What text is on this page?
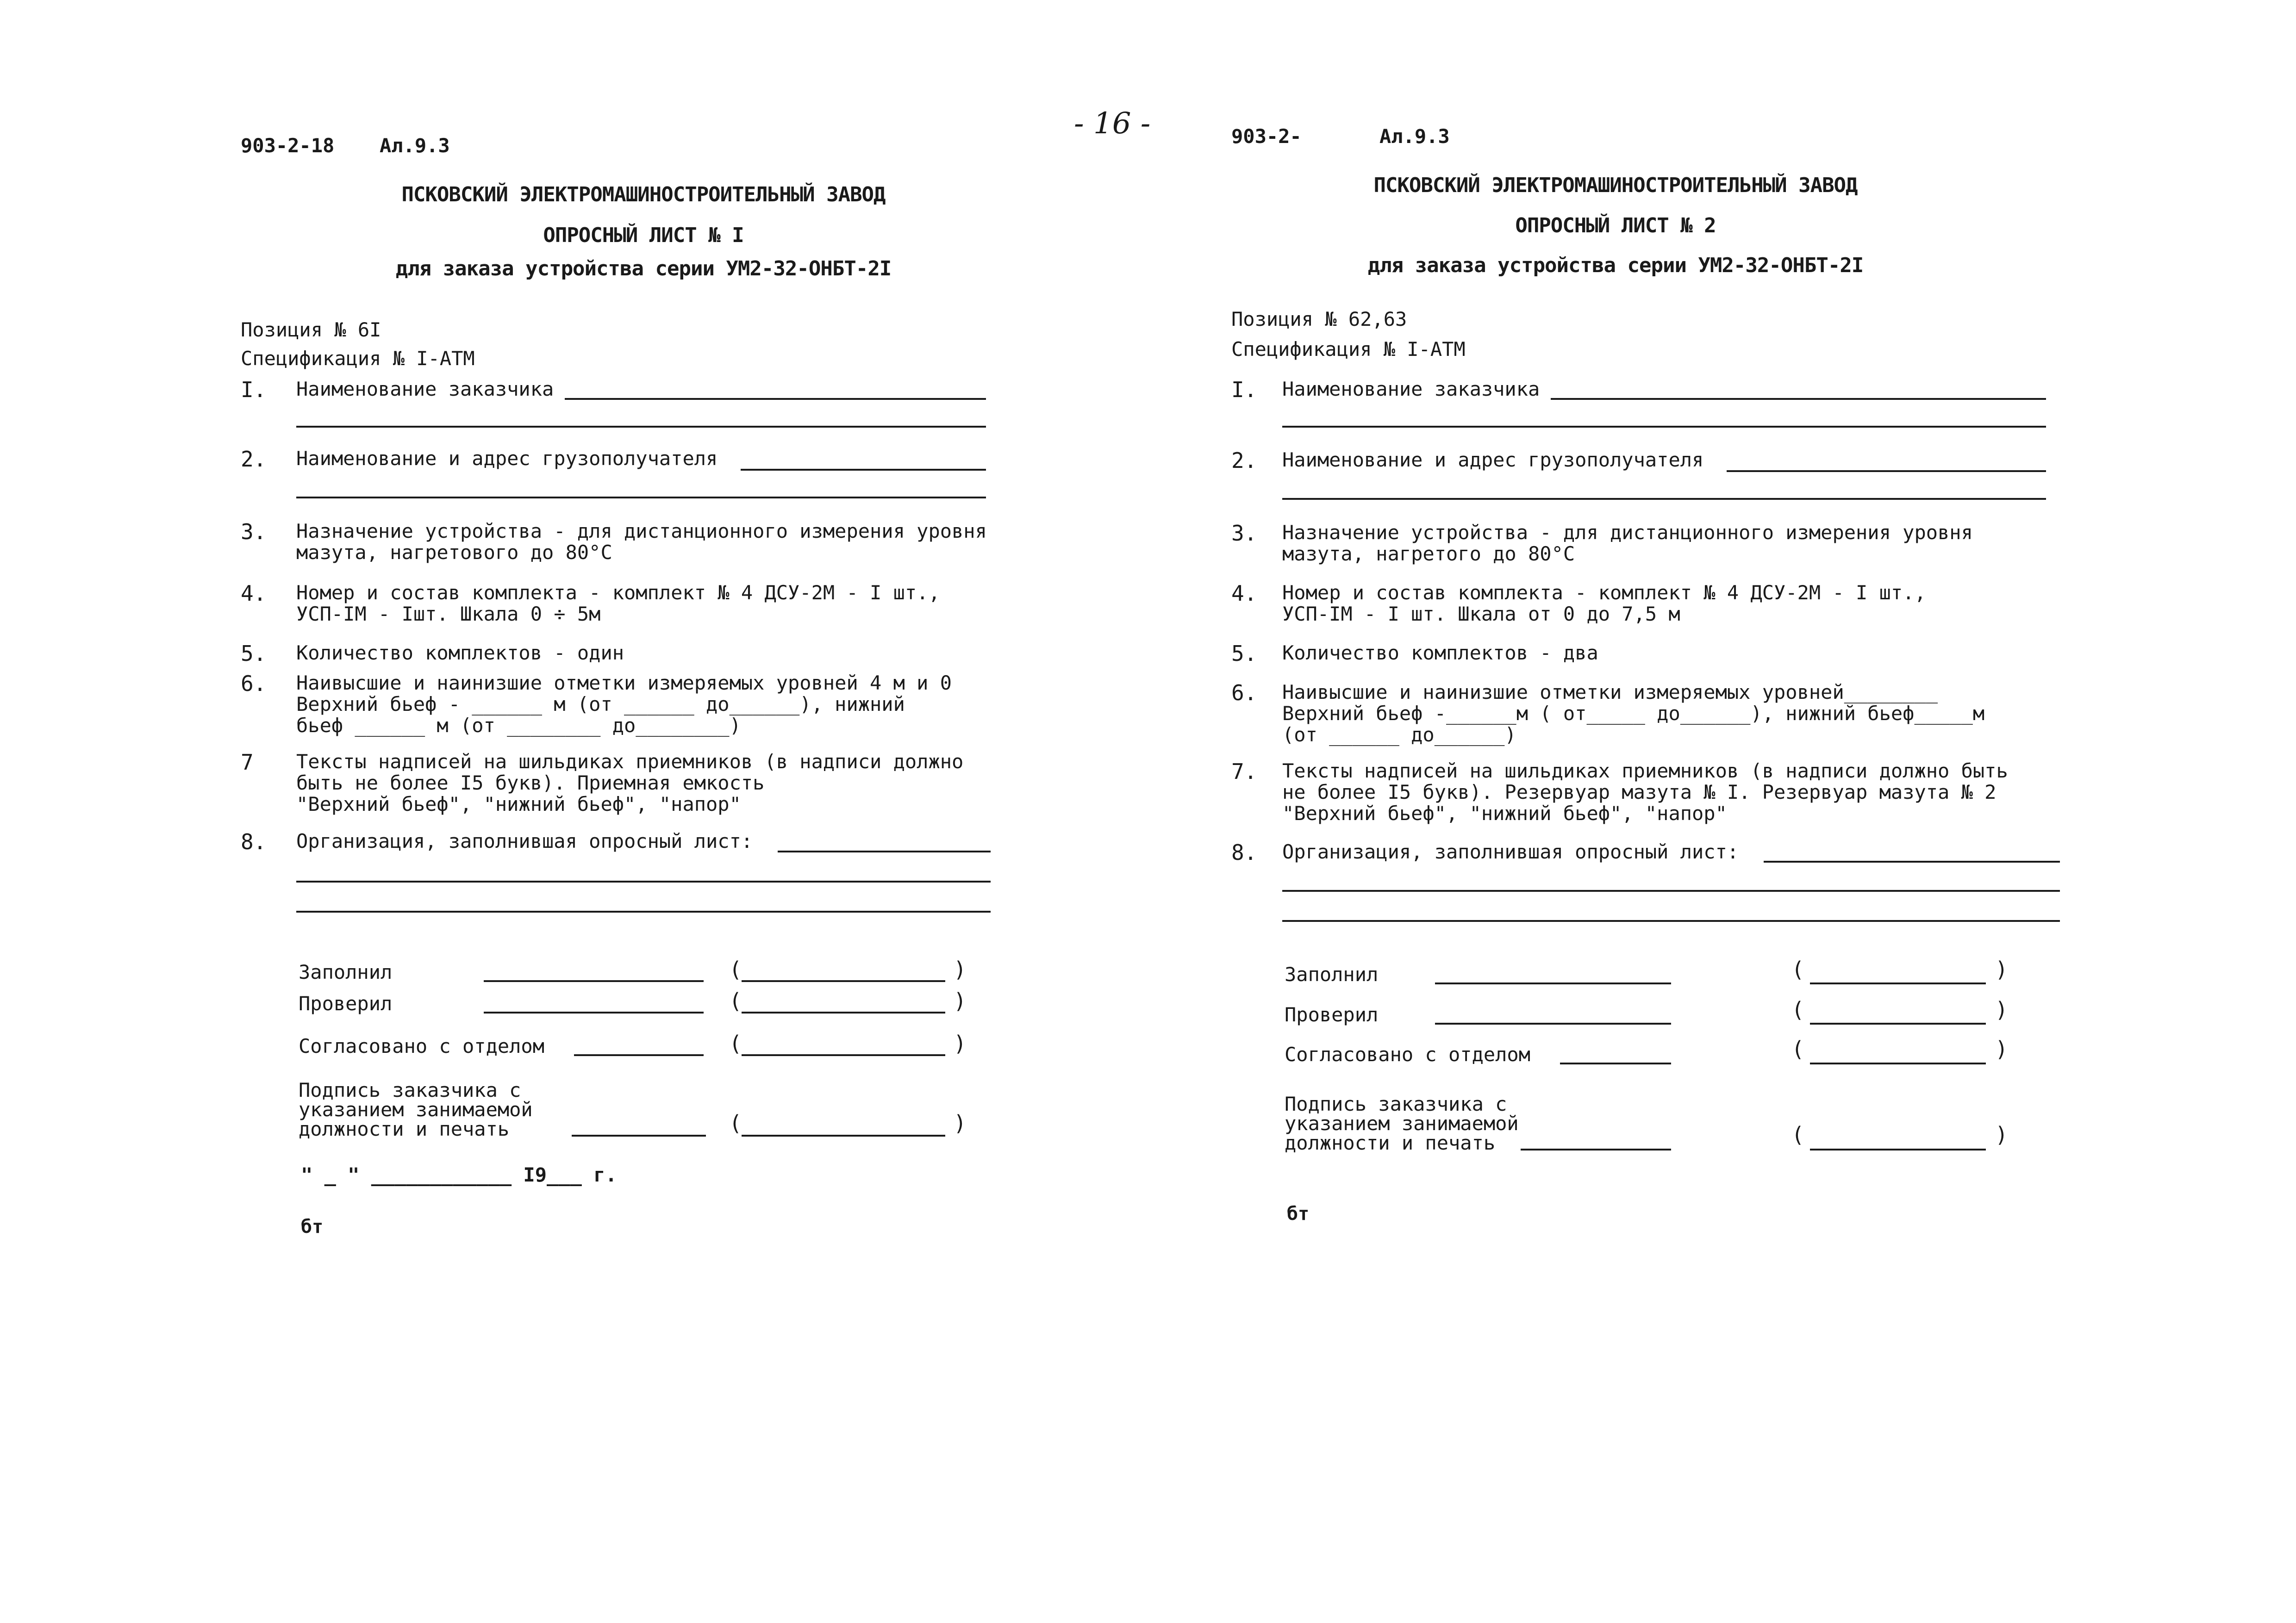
- 16 -
903-2-18 Ал.9.3
ПСКОВСКИЙ ЭЛЕКТРОМАШИНОСТРОИТЕЛЬНЫЙ ЗАВОД
ОПРОСНЫЙ ЛИСТ № I
для заказа устройства серии УМ2-32-ОНБТ-2I
Позиция № 6I
Спецификация № I-АТМ
I. Наименование заказчика
2. Наименование и адрес грузополучателя
3. Назначение устройства - для дистанционного измерения уровня
мазута, нагретового до 80°С
4. Номер и состав комплекта - комплект № 4 ДСУ-2М - I шт.,
УСП-IМ - Iшт. Шкала 0 ÷ 5м
5. Количество комплектов - один
6. Наивысшие и наинизшие отметки измеряемых уровней 4 м и 0
Верхний бьеф - ______ м (от ______ до______), нижний
бьеф ______ м (от ________ до________)
7 Тексты надписей на шильдиках приемников (в надписи должно
быть не более I5 букв). Приемная емкость
"Верхний бьеф", "нижний бьеф", "напор"
8. Организация, заполнившая опросный лист:
Заполнил	(	)
Проверил	(	)
Согласовано с отделом	(	)
Подпись заказчика с
указанием занимаемой
должности и печать	(	)
" _ " ____________ I9___ г.
бт
903-2-	Ал.9.3
ПСКОВСКИЙ ЭЛЕКТРОМАШИНОСТРОИТЕЛЬНЫЙ ЗАВОД
ОПРОСНЫЙ ЛИСТ № 2
для заказа устройства серии УМ2-32-ОНБТ-2I
Позиция № 62,63
Спецификация № I-АТМ
I. Наименование заказчика
2. Наименование и адрес грузополучателя
3. Назначение устройства - для дистанционного измерения уровня
мазута, нагретого до 80°С
4. Номер и состав комплекта - комплект № 4 ДСУ-2М - I шт.,
УСП-IМ - I шт. Шкала от 0 до 7,5 м
5. Количество комплектов - два
6. Наивысшие и наинизшие отметки измеряемых уровней________
Верхний бьеф -______м ( от_____ до______), нижний бьеф_____м
(от ______ до______)
7. Тексты надписей на шильдиках приемников (в надписи должно быть
не более I5 букв). Резервуар мазута № I. Резервуар мазута № 2
"Верхний бьеф", "нижний бьеф", "напор"
8. Организация, заполнившая опросный лист:
Заполнил	(	)
Проверил	(	)
Согласовано с отделом	(	)
Подпись заказчика с
указанием занимаемой
должности и печать	(	)
бт
